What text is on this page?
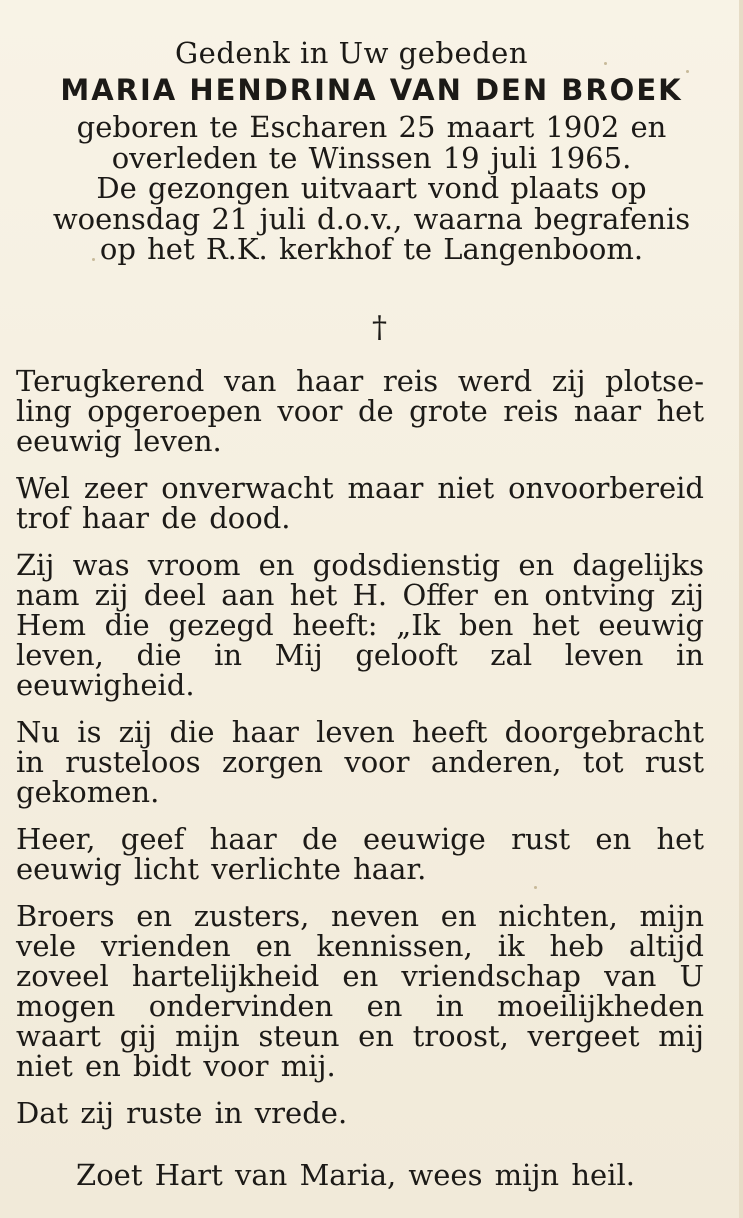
Gedenk in Uw gebeden

MARIA HENDRINA VAN DEN BROEK

geboren te Escharen 25 maart 1902 en
overleden te Winssen 19 juli 1965.
De gezongen uitvaart vond plaats op
woensdag 21 juli d.o.v., waarna begrafenis
op het R.K. kerkhof te Langenboom.
†

Terugkerend van haar reis werd zij plotseling opgeroepen voor de grote reis naar het eeuwig leven.

Wel zeer onverwacht maar niet onvoorbereid trof haar de dood.

Zij was vroom en godsdienstig en dagelijks nam zij deel aan het H. Offer en ontving zij Hem die gezegd heeft: „Ik ben het eeuwig leven, die in Mij gelooft zal leven in eeuwigheid.

Nu is zij die haar leven heeft doorgebracht in rusteloos zorgen voor anderen, tot rust gekomen.

Heer, geef haar de eeuwige rust en het eeuwig licht verlichte haar.

Broers en zusters, neven en nichten, mijn vele vrienden en kennissen, ik heb altijd zoveel hartelijkheid en vriendschap van U mogen ondervinden en in moeilijkheden waart gij mijn steun en troost, vergeet mij niet en bidt voor mij.

Dat zij ruste in vrede.

Zoet Hart van Maria, wees mijn heil.
